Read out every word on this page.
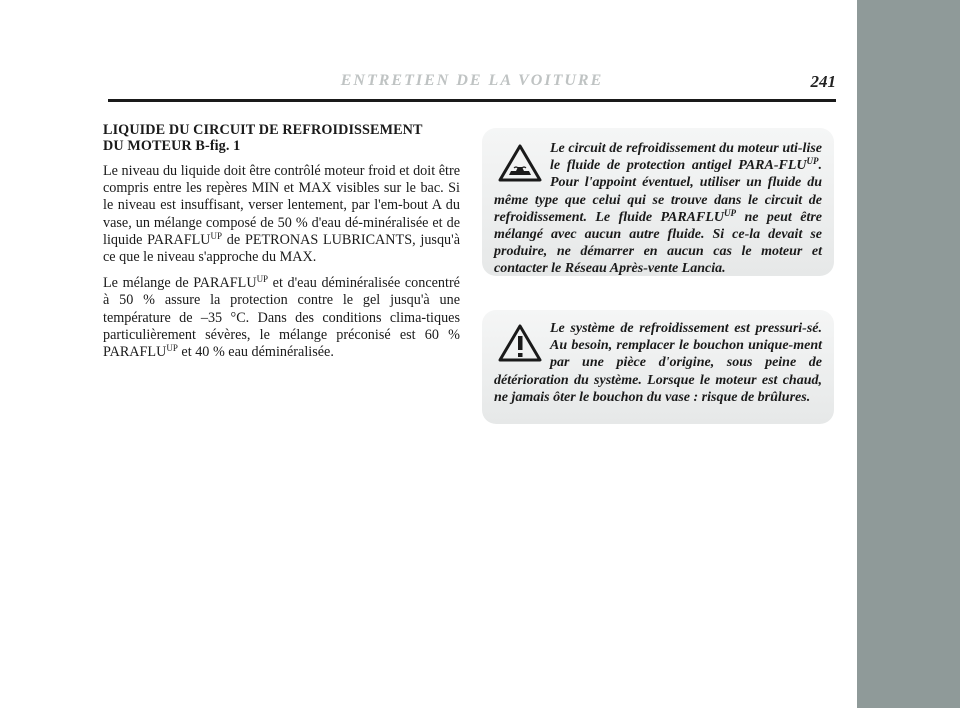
ENTRETIEN DE LA VOITURE	241
LIQUIDE DU CIRCUIT DE REFROIDISSEMENT
DU MOTEUR B-fig. 1

Le niveau du liquide doit être contrôlé moteur froid et doit être compris entre les repères MIN et MAX visibles sur le bac. Si le niveau est insuffisant, verser lentement, par l'em-bout A du vase, un mélange composé de 50 % d'eau dé-minéralisée et de liquide $PARAFLU^{UP}$ de PETRONAS LUBRICANTS, jusqu'à ce que le niveau s'approche du MAX.

Le mélange de $PARAFLU^{UP}$ et d'eau déminéralisée concentré à 50 % assure la protection contre le gel jusqu'à une température de –35 °C. Dans des conditions clima-tiques particulièrement sévères, le mélange préconisé est 60 % $PARAFLU^{UP}$ et 40 % eau déminéralisée.

Le circuit de refroidissement du moteur uti-lise le fluide de protection antigel PARA-$FLU^{UP}$. Pour l'appoint éventuel, utiliser un fluide du même type que celui qui se trouve dans le circuit de refroidissement. Le fluide $PARAFLU^{UP}$ ne peut être mélangé avec aucun autre fluide. Si ce-la devait se produire, ne démarrer en aucun cas le moteur et contacter le Réseau Après-vente Lancia.
Le système de refroidissement est pressuri-sé. Au besoin, remplacer le bouchon unique-ment par une pièce d'origine, sous peine de détérioration du système. Lorsque le moteur est chaud, ne jamais ôter le bouchon du vase : risque de brûlures.
